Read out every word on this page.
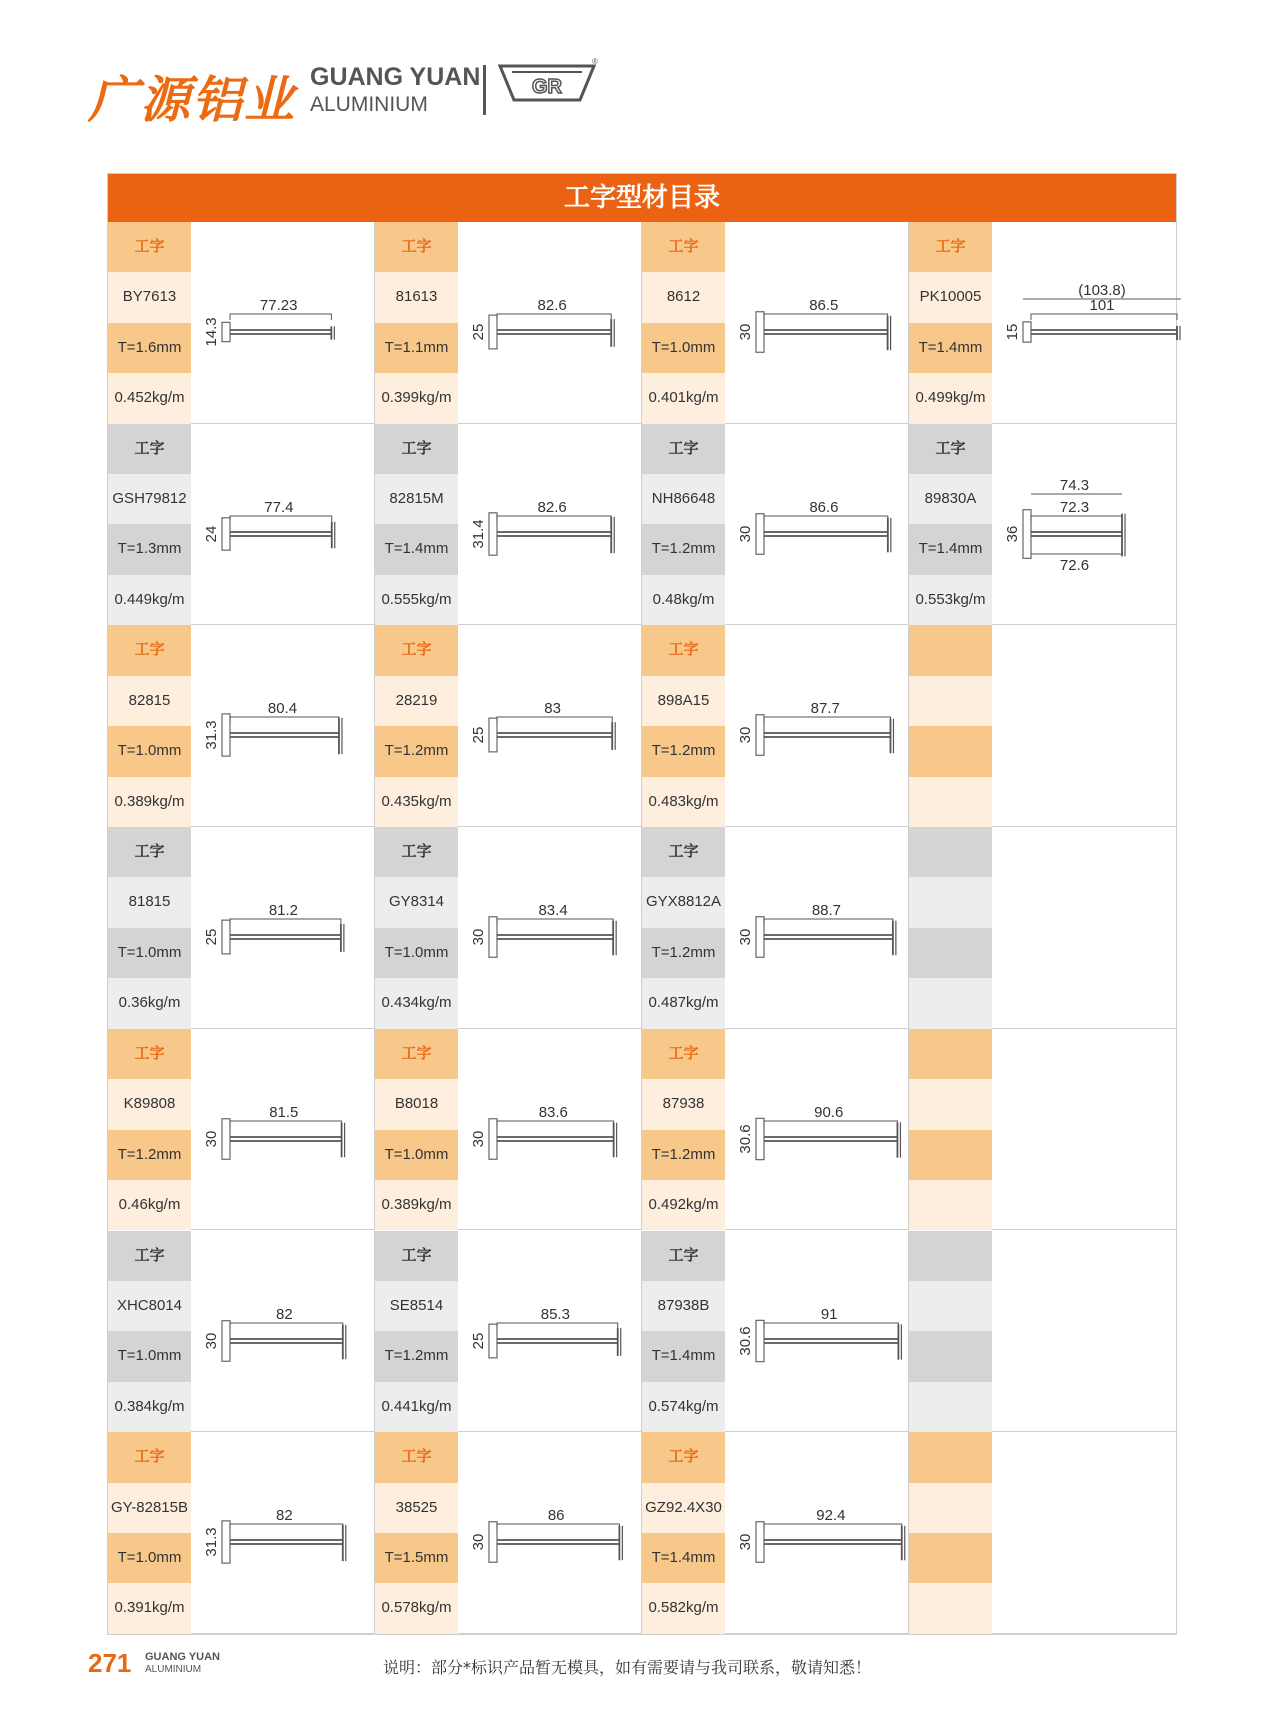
广源铝业 GUANG YUAN
ALUMINIUM
GR
®
工字型材目录
工字
BY7613
T=1.6mm
0.452kg/m
77.23
14.3
工字
81613
T=1.1mm
0.399kg/m
82.6
25
工字
8612
T=1.0mm
0.401kg/m
86.5
30
工字
PK10005
T=1.4mm
0.499kg/m
101
15
(103.8)
工字
GSH79812
T=1.3mm
0.449kg/m
77.4
24
工字
82815M
T=1.4mm
0.555kg/m
82.6
31.4
工字
NH86648
T=1.2mm
0.48kg/m
86.6
30
工字
89830A
T=1.4mm
0.553kg/m
72.3
36
74.3
72.6
工字
82815
T=1.0mm
0.389kg/m
80.4
31.3
工字
28219
T=1.2mm
0.435kg/m
83
25
工字
898A15
T=1.2mm
0.483kg/m
87.7
30
工字
81815
T=1.0mm
0.36kg/m
81.2
25
工字
GY8314
T=1.0mm
0.434kg/m
83.4
30
工字
GYX8812A
T=1.2mm
0.487kg/m
88.7
30
工字
K89808
T=1.2mm
0.46kg/m
81.5
30
工字
B8018
T=1.0mm
0.389kg/m
83.6
30
工字
87938
T=1.2mm
0.492kg/m
90.6
30.6
工字
XHC8014
T=1.0mm
0.384kg/m
82
30
工字
SE8514
T=1.2mm
0.441kg/m
85.3
25
工字
87938B
T=1.4mm
0.574kg/m
91
30.6
工字
GY-82815B
T=1.0mm
0.391kg/m
82
31.3
工字
38525
T=1.5mm
0.578kg/m
86
30
工字
GZ92.4X30
T=1.4mm
0.582kg/m
92.4
30
271 GUANG YUAN
ALUMINIUM	说明：部分*标识产品暂无模具，如有需要请与我司联系，敬请知悉！
